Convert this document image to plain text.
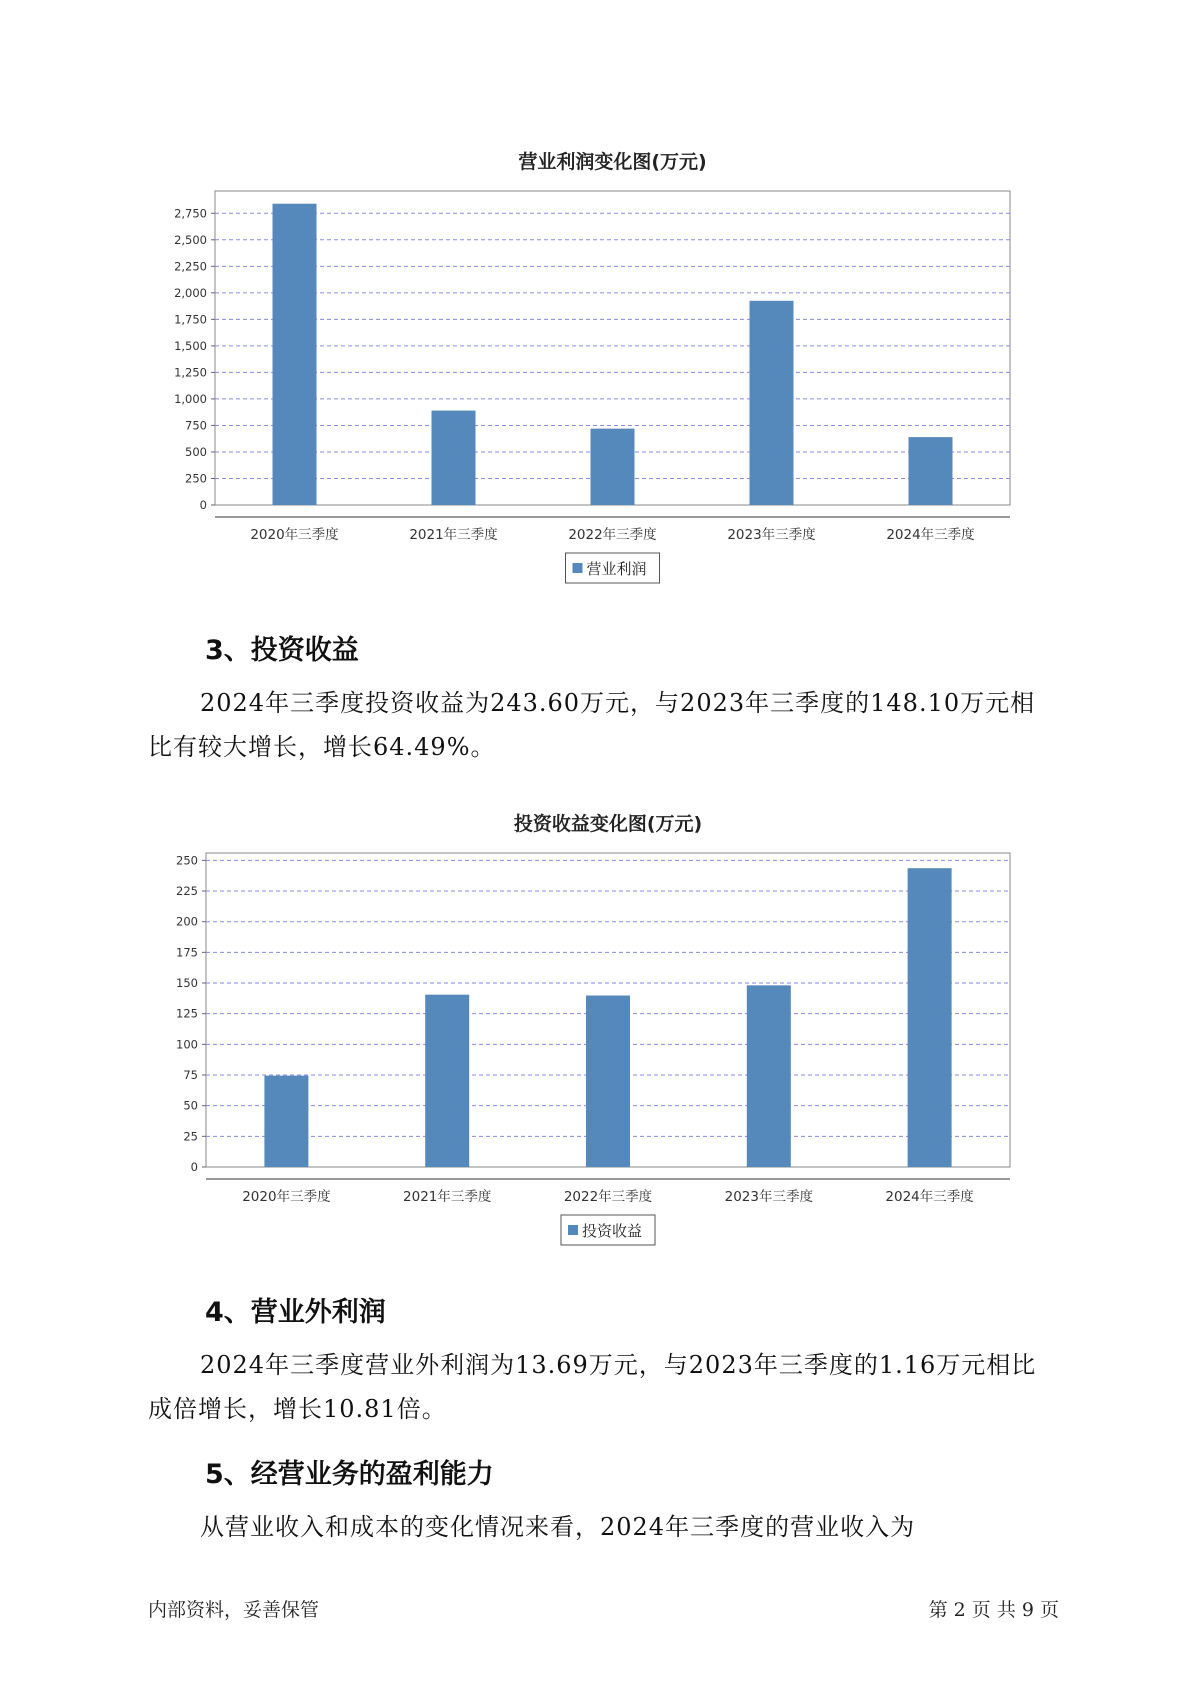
营业利润变化图(万元)
0
250
500
750
1,000
1,250
1,500
1,750
2,000
2,250
2,500
2,750
2020年三季度	2021年三季度	2022年三季度	2023年三季度	2024年三季度
营业利润
3、投资收益

2024年三季度投资收益为243.60万元，与2023年三季度的148.10万元相比有较大增长，增长64.49%。

投资收益变化图(万元)
0
25
50
75
100
125
150
175
200
225
250
2020年三季度	2021年三季度	2022年三季度	2023年三季度	2024年三季度
投资收益
4、营业外利润

2024年三季度营业外利润为13.69万元，与2023年三季度的1.16万元相比成倍增长，增长10.81倍。

5、经营业务的盈利能力

从营业收入和成本的变化情况来看，2024年三季度的营业收入为

内部资料，妥善保管	第 2 页 共 9 页
